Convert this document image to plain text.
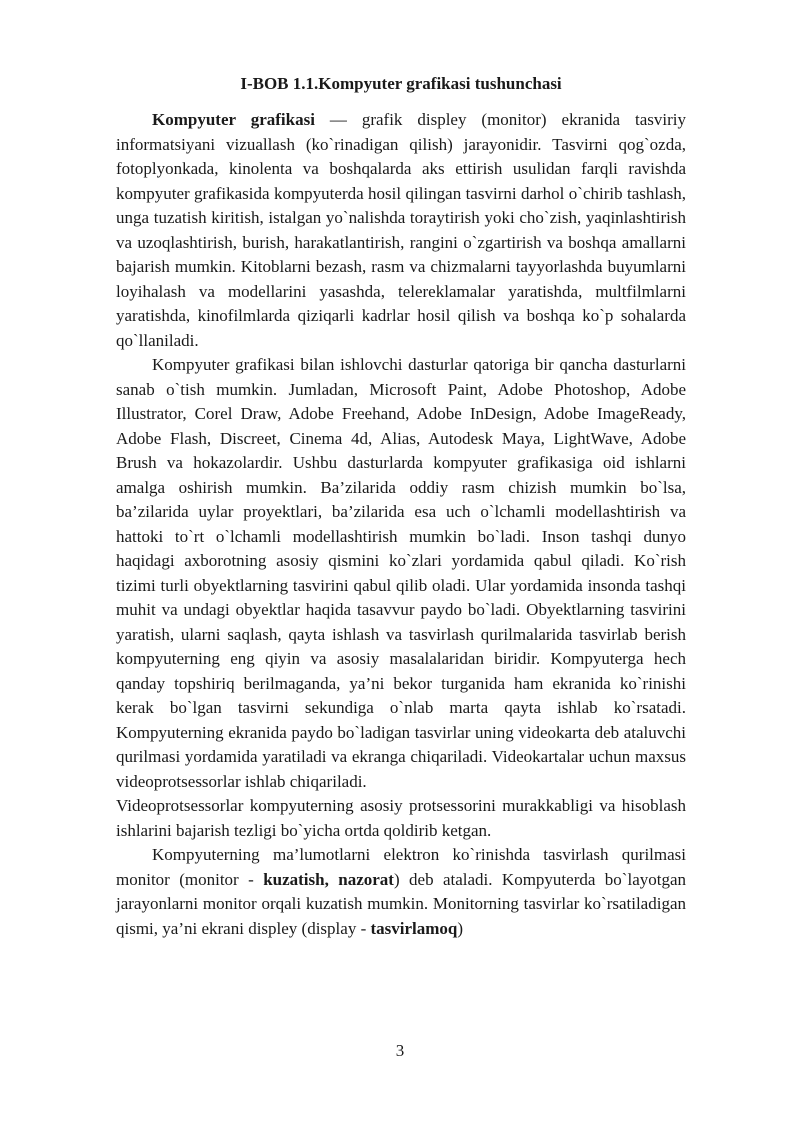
I-BOB 1.1.Kompyuter grafikasi tushunchasi

Kompyuter grafikasi — grafik displey (monitor) ekranida tasviriy informatsiyani vizuallash (ko`rinadigan qilish) jarayonidir. Tasvirni qog`ozda, fotoplyonkada, kinolenta va boshqalarda aks ettirish usulidan farqli ravishda kompyuter grafikasida kompyuterda hosil qilingan tasvirni darhol o`chirib tashlash, unga tuzatish kiritish, istalgan yo`nalishda toraytirish yoki cho`zish, yaqinlashtirish va uzoqlashtirish, burish, harakatlantirish, rangini o`zgartirish va boshqa amallarni bajarish mumkin. Kitoblarni bezash, rasm va chizmalarni tayyorlashda buyumlarni loyihalash va modellarini yasashda, telereklamalar yaratishda, multfilmlarni yaratishda, kinofilmlarda qiziqarli kadrlar hosil qilish va boshqa ko`p sohalarda qo`llaniladi.

Kompyuter grafikasi bilan ishlovchi dasturlar qatoriga bir qancha dasturlarni sanab o`tish mumkin. Jumladan, Microsoft Paint, Adobe Photoshop, Adobe Illustrator, Corel Draw, Adobe Freehand, Adobe InDesign, Adobe ImageReady, Adobe Flash, Discreet, Cinema 4d, Alias, Autodesk Maya, LightWave, Adobe Brush va hokazolardir. Ushbu dasturlarda kompyuter grafikasiga oid ishlarni amalga oshirish mumkin. Ba’zilarida oddiy rasm chizish mumkin bo`lsa, ba’zilarida uylar proyektlari, ba’zilarida esa uch o`lchamli modellashtirish va hattoki to`rt o`lchamli modellashtirish mumkin bo`ladi. Inson tashqi dunyo haqidagi axborotning asosiy qismini ko`zlari yordamida qabul qiladi. Ko`rish tizimi turli obyektlarning tasvirini qabul qilib oladi. Ular yordamida insonda tashqi muhit va undagi obyektlar haqida tasavvur paydo bo`ladi. Obyektlarning tasvirini yaratish, ularni saqlash, qayta ishlash va tasvirlash qurilmalarida tasvirlab berish kompyuterning eng qiyin va asosiy masalalaridan biridir. Kompyuterga hech qanday topshiriq berilmaganda, ya’ni bekor turganida ham ekranida ko`rinishi kerak bo`lgan tasvirni sekundiga o`nlab marta qayta ishlab ko`rsatadi. Kompyuterning ekranida paydo bo`ladigan tasvirlar uning videokarta deb ataluvchi qurilmasi yordamida yaratiladi va ekranga chiqariladi. Videokartalar uchun maxsus videoprotsessorlar ishlab chiqariladi.

Videoprotsessorlar kompyuterning asosiy protsessorini murakkabligi va hisoblash ishlarini bajarish tezligi bo`yicha ortda qoldirib ketgan.

Kompyuterning ma’lumotlarni elektron ko`rinishda tasvirlash qurilmasi monitor (monitor - kuzatish, nazorat) deb ataladi. Kompyuterda bo`layotgan jarayonlarni monitor orqali kuzatish mumkin. Monitorning tasvirlar ko`rsatiladigan qismi, ya’ni ekrani displey (display - tasvirlamoq)

3
